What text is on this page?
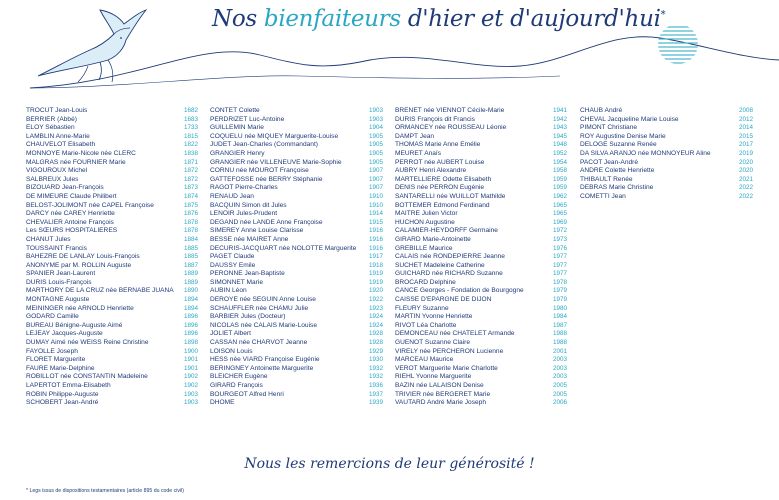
Nos bienfaiteurs d'hier et d'aujourd'hui*
TROCUT Jean-Louis	1682
BERRIER (Abbé)	1683
ELOY Sébastien	1733
LAMBLIN Anne-Marie	1815
CHAUVELOT Elisabeth	1822
MONNOYÉ Marie-Nicole née CLERC	1838
MALGRAS née FOURNIER Marie	1871
VIGOUROUX Michel	1872
SALBREUX Jules	1872
BIZOUARD Jean-François	1873
DE MIMEURE Claude Philibert	1874
BELOST-JOLIMONT née CAPEL Françoise	1875
DARCY née CAREY Henriette	1876
CHEVALIER Antoine François	1878
Les SŒURS HOSPITALIERES	1878
CHANUT Jules	1884
TOUSSAINT Francis	1885
BAHEZRE DE LANLAY Louis-François	1885
ANONYME par M. ROLLIN Auguste	1887
SPANIER Jean-Laurent	1889
DURIS Louis-François	1889
MARTHORY DE LA CRUZ née BERNABE JUANA 1890
MONTAGNE Auguste	1894
MEININGER née ARNOLD Henriette	1894
GODARD Camille	1896
BUREAU Bénigne-Auguste Aimé	1896
LEJEAY Jacques-Auguste	1896
DUMAY Aimé née WEISS Reine Christine	1898
FAYOLLE Joseph	1900
FLORET Marguerite	1901
FAURE Marie-Delphine	1901
ROBILLOT née CONSTANTIN Madeleine	1902
LAPERTOT Emma-Elisabeth	1902
ROBIN Philippe-Auguste	1903
SCHOBERT Jean-André	1903
CONTET Colette	1903
PERDRIZET Luc-Antoine	1903
GUILLEMIN Marie	1904
COQUELU née MIQUEY Marguerite-Louise	1905
JUDET Jean-Charles (Commandant)	1905
GRANGIER Henry	1905
GRANGIER née VILLENEUVE Marie-Sophie	1905
CORNU née MOUROT Françoise	1907
GATTEFOSSE née BERRY Stéphanie	1907
RAGOT Pierre-Charles	1907
RENAUD Jean	1910
BACQUIN Simon dit Jules	1910
LENOIR Jules-Prudent	1914
DEGAND née LANDE Anne Françoise	1915
SIMEREY Anne Louise Clarisse	1916
BESSE née MAIRET Anne	1916
DECURIS-JACQUART née NOLOTTE Marguerite 1916
PAGET Claude	1917
DAUSSY Emile	1918
PERONNE Jean-Baptiste	1919
SIMONNET Marie	1919
AUBIN Léon	1920
DEROYE née SEGUIN Anne Louise	1922
SCHAUFFLER née CHAMU Julie	1923
BARBIER Jules (Docteur)	1924
NICOLAS née CALAIS Marie-Louise	1924
JOLIET Albert	1928
CASSAN née CHARVOT Jeanne	1928
LOISON Louis	1929
HESS née VIARD Françoise Eugénie	1930
BERINGNEY Antoinette Marguerite	1932
BLEICHER Eugène	1932
GIRARD François	1936
BOURGEOT Alfred Henri	1937
DHÔME	1939
BRENET née VIENNOT Cécile-Marie	1941
DURIS François dit Francis	1942
ORMANCEY née ROUSSEAU Léonie	1943
DAMPT Jean	1945
THOMAS Marie Anne Emélie	1948
MEURET Anaïs	1952
PERROT née AUBERT Louise	1954
AUBRY Henri Alexandre	1958
MARTELLIERE Odette Elisabeth	1959
DENIS née PERRON Eugénie	1959
SANTARELLI née WUILLOT Mathilde	1962
BOTTEMER Edmond Ferdinand	1965
MAITRE Julien Victor	1965
HUCHON Augustine	1969
CALAMIER-HEYDORFF Germaine	1972
GIRARD Marie-Antoinette	1973
GREBILLE Maurice	1976
CALAIS née RONDEPIERRE Jeanne	1977
SUCHET Madeleine Catherine	1977
GUICHARD née RICHARD Suzanne	1977
BROCARD Delphine	1978
CANCE Georges - Fondation de Bourgogne	1979
CAISSE D'EPARGNE DE DIJON	1979
FLEURY Suzanne	1980
MARTIN Yvonne Henriette	1984
RIVOT Léa Charlotte	1987
DEMONCEAU née CHATELET Armande	1988
GUENOT Suzanne Claire	1988
VIRELY née PERCHERON Lucienne	2001
MARCEAU Maurice	2003
VEROT Marguerite Marie Charlotte	2003
RIEHL Yvonne Marguerite	2003
BAZIN née LALAISON Denise	2005
TRIVIER née BERGERET Marie	2005
VAUTARD André Marie Joseph	2006
CHAUB André	2008
CHEVAL Jacqueline Marie Louise	2012
PIMONT Christiane	2014
ROY Augustine Denise Marie	2015
DELOGE Suzanne Renée	2017
DA SILVA ARANJO née MONNOYEUR Aline	2019
PACOT Jean-André	2020
ANDRE Colette Henriette	2020
THIBAULT Renée	2021
DEBRAS Marie Christine	2022
COMETTI Jean	2022
Nous les remercions de leur générosité !
* Legs issus de dispositions testamentaires (article 895 du code civil)
